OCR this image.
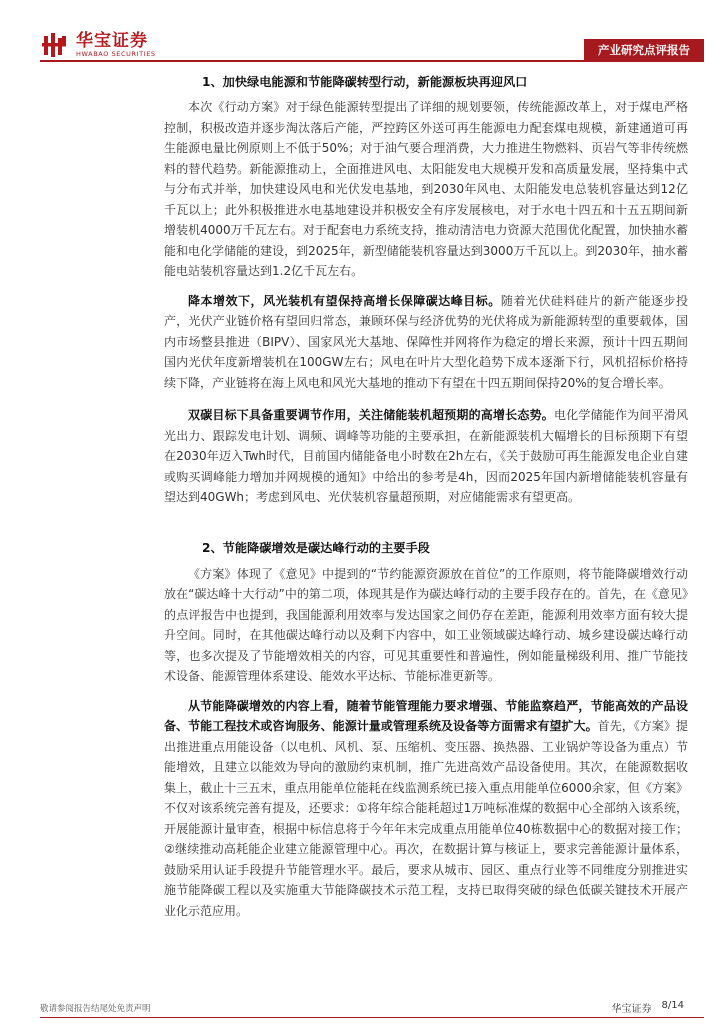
华宝证券
HWABAO SECURITIES	产业研究点评报告
1、加快绿电能源和节能降碳转型行动，新能源板块再迎风口

本次《行动方案》对于绿色能源转型提出了详细的规划要领，传统能源改革上，对于煤电严格控制，积极改造并逐步淘汰落后产能，严控跨区外送可再生能源电力配套煤电规模，新建通道可再生能源电量比例原则上不低于50%；对于油气要合理消费，大力推进生物燃料、页岩气等非传统燃料的替代趋势。新能源推动上，全面推进风电、太阳能发电大规模开发和高质量发展，坚持集中式与分布式并举，加快建设风电和光伏发电基地，到2030年风电、太阳能发电总装机容量达到12亿千瓦以上；此外积极推进水电基地建设并积极安全有序发展核电，对于水电十四五和十五五期间新增装机4000万千瓦左右。对于配套电力系统支持，推动清洁电力资源大范围优化配置，加快抽水蓄能和电化学储能的建设，到2025年，新型储能装机容量达到3000万千瓦以上。到2030年，抽水蓄能电站装机容量达到1.2亿千瓦左右。

降本增效下，风光装机有望保持高增长保障碳达峰目标。随着光伏硅料硅片的新产能逐步投产，光伏产业链价格有望回归常态，兼顾环保与经济优势的光伏将成为新能源转型的重要载体，国内市场整县推进（BIPV）、国家风光大基地、保障性并网将作为稳定的增长来源，预计十四五期间国内光伏年度新增装机在100GW左右；风电在叶片大型化趋势下成本逐渐下行，风机招标价格持续下降，产业链将在海上风电和风光大基地的推动下有望在十四五期间保持20%的复合增长率。

双碳目标下具备重要调节作用，关注储能装机超预期的高增长态势。电化学储能作为间平滑风光出力、跟踪发电计划、调频、调峰等功能的主要承担，在新能源装机大幅增长的目标预期下有望在2030年迈入Twh时代，目前国内储能备电小时数在2h左右，《关于鼓励可再生能源发电企业自建或购买调峰能力增加并网规模的通知》中给出的参考是4h，因而2025年国内新增储能装机容量有望达到40GWh；考虑到风电、光伏装机容量超预期，对应储能需求有望更高。

2、节能降碳增效是碳达峰行动的主要手段

《方案》体现了《意见》中提到的“节约能源资源放在首位”的工作原则，将节能降碳增效行动放在“碳达峰十大行动”中的第二项，体现其是作为碳达峰行动的主要手段存在的。首先，在《意见》的点评报告中也提到，我国能源利用效率与发达国家之间仍存在差距，能源利用效率方面有较大提升空间。同时，在其他碳达峰行动以及剩下内容中，如工业领域碳达峰行动、城乡建设碳达峰行动等，也多次提及了节能增效相关的内容，可见其重要性和普遍性，例如能量梯级利用、推广节能技术设备、能源管理体系建设、能效水平达标、节能标准更新等。

从节能降碳增效的内容上看，随着节能管理能力要求增强、节能监察趋严，节能高效的产品设备、节能工程技术或咨询服务、能源计量或管理系统及设备等方面需求有望扩大。首先，《方案》提出推进重点用能设备（以电机、风机、泵、压缩机、变压器、换热器、工业锅炉等设备为重点）节能增效，且建立以能效为导向的激励约束机制，推广先进高效产品设备使用。其次，在能源数据收集上，截止十三五末，重点用能单位能耗在线监测系统已接入重点用能单位6000余家，但《方案》不仅对该系统完善有提及，还要求：①将年综合能耗超过1万吨标准煤的数据中心全部纳入该系统，开展能源计量审查，根据中标信息将于今年年末完成重点用能单位40栋数据中心的数据对接工作；②继续推动高耗能企业建立能源管理中心。再次，在数据计算与核证上，要求完善能源计量体系，鼓励采用认证手段提升节能管理水平。最后，要求从城市、园区、重点行业等不同维度分别推进实施节能降碳工程以及实施重大节能降碳技术示范工程，支持已取得突破的绿色低碳关键技术开展产业化示范应用。

敬请参阅报告结尾处免责声明	华宝证券 8/14
